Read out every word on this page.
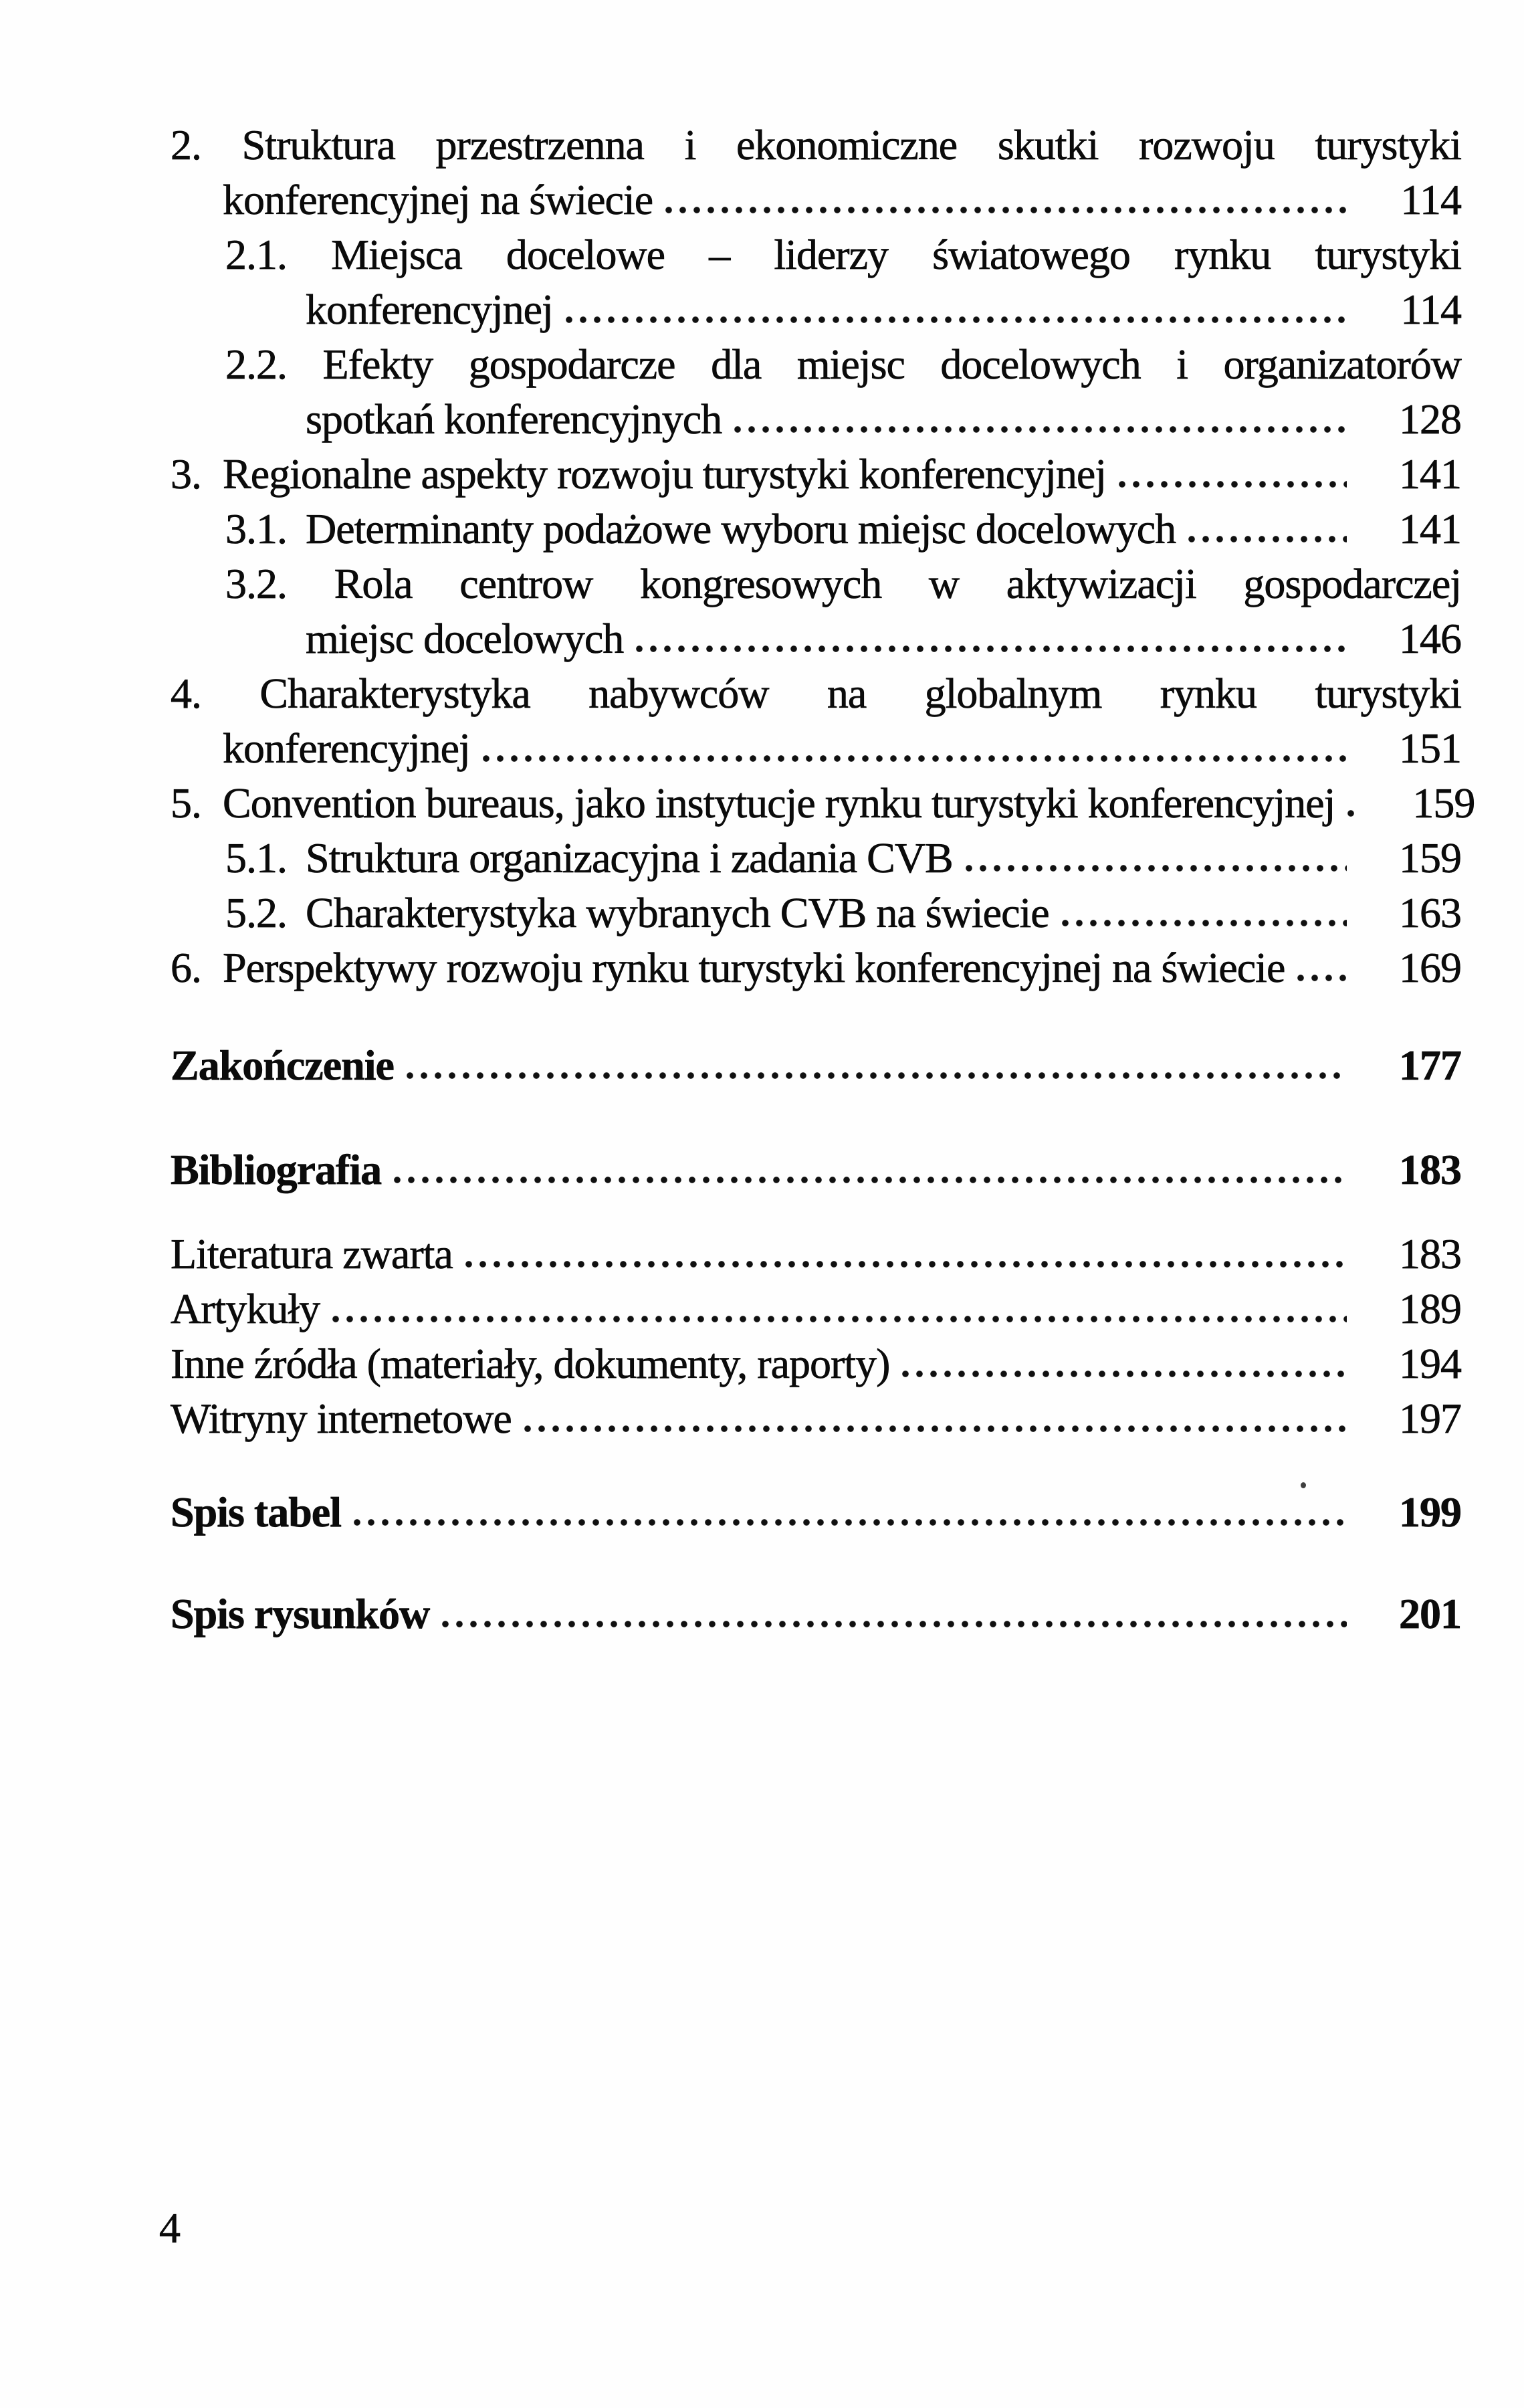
2. Struktura przestrzenna i ekonomiczne skutki rozwoju turystyki
konferencyjnej na świecie	114
2.1. Miejsca docelowe – liderzy światowego rynku turystyki
konferencyjnej	114
2.2. Efekty gospodarcze dla miejsc docelowych i organizatorów
spotkań konferencyjnych	128
3. Regionalne aspekty rozwoju turystyki konferencyjnej	141
3.1. Determinanty podażowe wyboru miejsc docelowych	141
3.2. Rola centrow kongresowych w aktywizacji gospodarczej
miejsc docelowych	146
4. Charakterystyka nabywców na globalnym rynku turystyki
konferencyjnej	151
5. Convention bureaus, jako instytucje rynku turystyki konferencyjnej	159
5.1. Struktura organizacyjna i zadania CVB	159
5.2. Charakterystyka wybranych CVB na świecie	163
6. Perspektywy rozwoju rynku turystyki konferencyjnej na świecie	169
Zakończenie	177
Bibliografia	183
Literatura zwarta	183
Artykuły	189
Inne źródła (materiały, dokumenty, raporty)	194
Witryny internetowe	197
Spis tabel	199
Spis rysunków	201
4
